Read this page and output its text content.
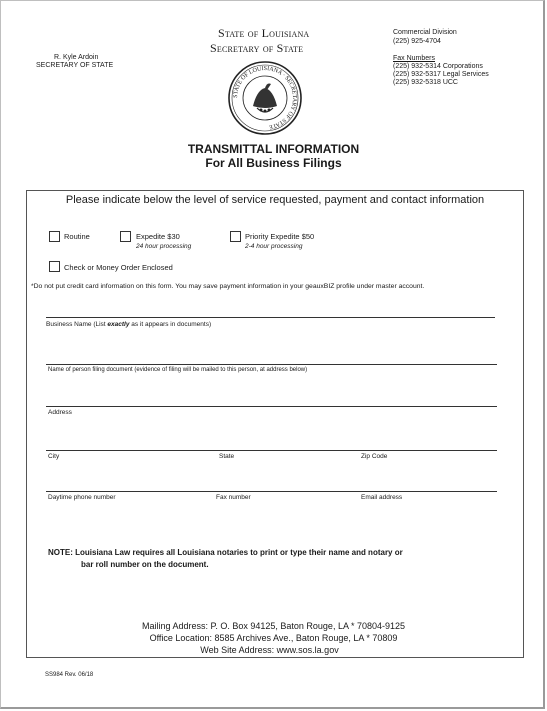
State of Louisiana
Secretary of State
R. Kyle Ardoin
SECRETARY OF STATE
Commercial Division
(225) 925-4704
Fax Numbers
(225) 932-5314 Corporations
(225) 932-5317 Legal Services
(225) 932-5318 UCC
STATE OF LOUISIANA · SECRETARY OF STATE
TRANSMITTAL INFORMATION
For All Business Filings
Please indicate below the level of service requested, payment and contact information
Routine	Expedite $30
24 hour processing
Priority Expedite $50
2-4 hour processing
Check or Money Order Enclosed
*Do not put credit card information on this form. You may save payment information in your geauxBIZ profile under master account.
Business Name (List exactly as it appears in documents)
Name of person filing document (evidence of filing will be mailed to this person, at address below)
Address
City	State	Zip Code
Daytime phone number	Fax number	Email address
NOTE: Louisiana Law requires all Louisiana notaries to print or type their name and notary or
bar roll number on the document.
Mailing Address: P. O. Box 94125, Baton Rouge, LA * 70804-9125
Office Location: 8585 Archives Ave., Baton Rouge, LA * 70809
Web Site Address: www.sos.la.gov
SS984 Rev. 06/18
